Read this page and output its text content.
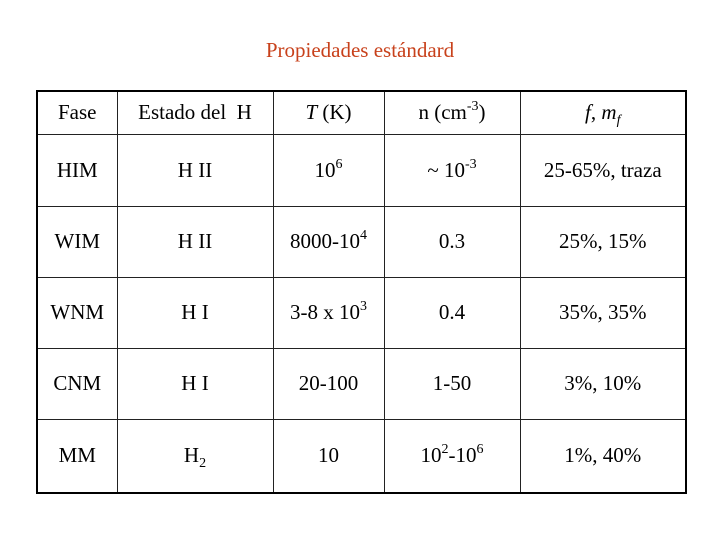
Propiedades estándard
Fase	Estado del  H	T (K)	n $(cm^{-3})$	f, $m_f$
HIM	H II	$10^6$	~ $10^{-3}$	25-65%, traza
WIM	H II	$8000-10^4$	0.3	25%, 15%
WNM	H I	3-8 x $10^3$	0.4	35%, 35%
CNM	H I	20-100	1-50	3%, 10%
MM	$H_2$	10	$10^2-10^6$	1%, 40%
